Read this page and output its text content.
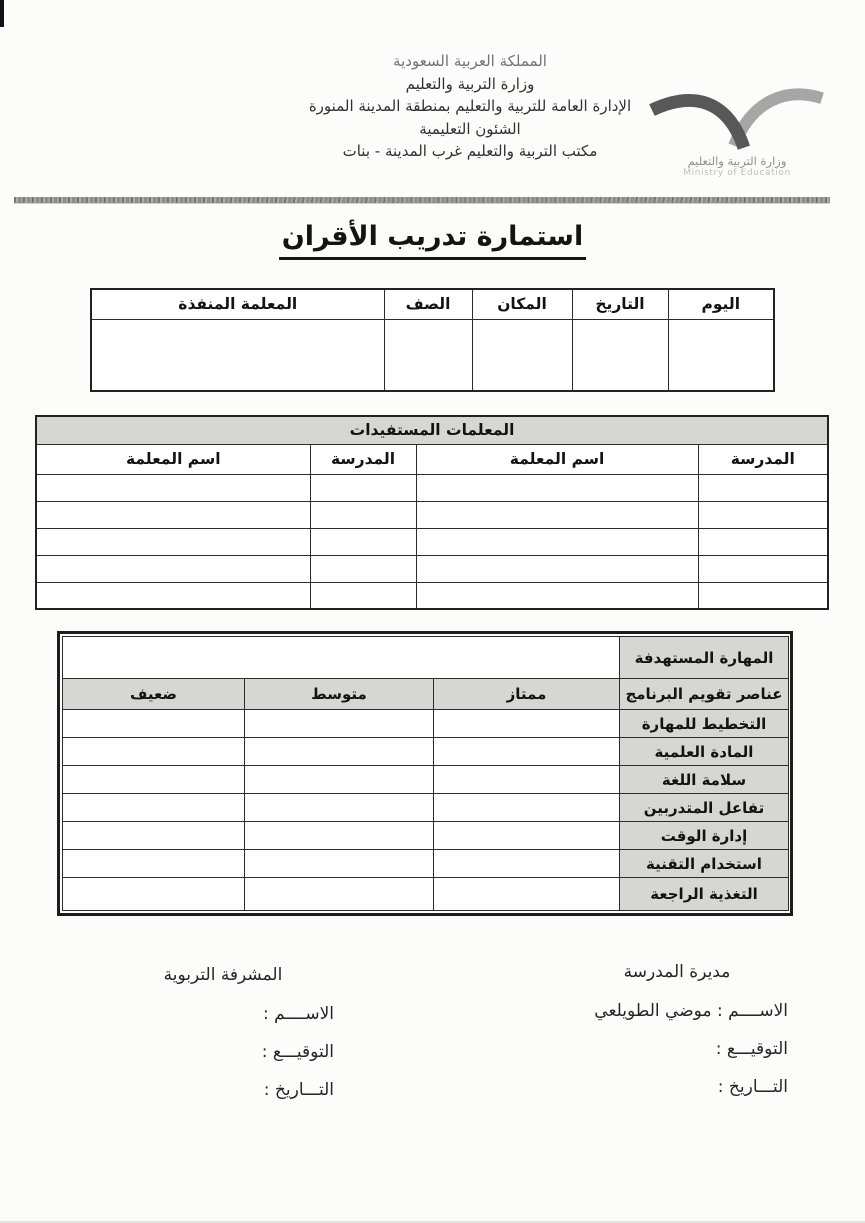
المملكة العربية السعودية
وزارة التربية والتعليم
الإدارة العامة للتربية والتعليم بمنطقة المدينة المنورة
الشئون التعليمية
مكتب التربية والتعليم غرب المدينة - بنات
وزارة التربية والتعليم
Ministry of Education
استمارة تدريب الأقران
اليوم	التاريخ	المكان	الصف	المعلمة المنفذة

المعلمات المستفيدات			
المدرسة	اسم المعلمة	المدرسة	اسم المعلمة

المهارة المستهدفة			
عناصر تقويم البرنامج	ممتاز	متوسط	ضعيف
التخطيط للمهارة			
المادة العلمية			
سلامة اللغة			
تفاعل المتدربين			
إدارة الوقت			
استخدام التقنية			
التغذية الراجعة			
مديرة المدرسة
الاســــم : موضي الطويلعي
التوقيـــع :
التـــاريخ :
المشرفة التربوية
الاســــم :
التوقيـــع :
التـــاريخ :
